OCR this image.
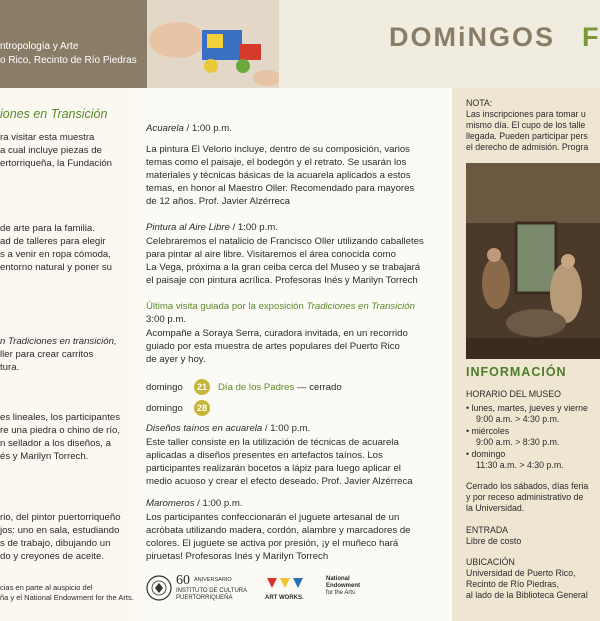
ntropología y Arte
o Rico, Recinto de Río Piedras
DOMiNGOS F
iones en Transición
ra visitar esta muestra
a cual incluye piezas de
ertorriqueña, la Fundación
de arte para la familia.
ad de talleres para elegir
s a venir en ropa cómoda,
entorno natural y poner su
n Tradiciones en transición,
ller para crear carritos
tura.
es lineales, los participantes
re una piedra o chino de río,
n sellador a los diseños, a
és y Marilyn Torrech.
rio, del pintor puertorriqueño
jos: uno en sala, estudiando
s de trabajo, dibujando un
do y creyones de aceite.
cias en parte al auspicio del
ña y el National Endowment for the Arts.
Acuarela / 1:00 p.m.
La pintura El Velorio incluye, dentro de su composición, varios
temas como el paisaje, el bodegón y el retrato. Se usarán los
materiales y técnicas básicas de la acuarela aplicados a estos
temas, en honor al Maestro Oller. Recomendado para mayores
de 12 años. Prof. Javier Alzérreca
Pintura al Aire Libre / 1:00 p.m.
Celebraremos el natalicio de Francisco Oller utilizando caballetes
para pintar al aire libre. Visitaremos el área conocida como
La Vega, próxima a la gran ceiba cerca del Museo y se trabajará
el paisaje con pintura acrílica. Profesoras Inés y Marilyn Torrech
Última visita guiada por la exposición Tradiciones en Transición
3:00 p.m.
Acompañe a Soraya Serra, curadora invitada, en un recorrido
guiado por esta muestra de artes populares del Puerto Rico
de ayer y hoy.
domingo	21	Día de los Padres — cerrado
domingo	28
Diseños taínos en acuarela / 1:00 p.m.
Este taller consiste en la utilización de técnicas de acuarela
aplicadas a diseños presentes en artefactos taínos. Los
participantes realizarán bocetos a lápiz para luego aplicar el
medio acuoso y crear el efecto deseado. Prof. Javier Alzérreca
Maromeros / 1:00 p.m.
Los participantes confeccionarán el juguete artesanal de un
acróbata utilizando madera, cordón, alambre y marcadores de
colores. El juguete se activa por presión, ¡y el muñeco hará
piruetas! Profesoras Inés y Marilyn Torrech
60 ANIVERSARIO
INSTITUTO DE CULTURA
PUERTORRIQUEÑA	ART WORKS.
National
Endowment
for the Arts
NOTA:
Las inscripciones para tomar u
mismo día. El cupo de los talle
llegada. Pueden participar pers
el derecho de admisión. Progra
INFORMACIÓN
HORARIO DEL MUSEO
• lunes, martes, jueves y vierne
9:00 a.m. > 4:30 p.m.
• miércoles
9:00 a.m. > 8:30 p.m.
• domingo
11:30 a.m. > 4:30 p.m.
Cerrado los sábados, días feria
y por receso administrativo de
la Universidad.
ENTRADA
Libre de costo
UBICACIÓN
Universidad de Puerto Rico,
Recinto de Río Piedras,
al lado de la Biblioteca General
